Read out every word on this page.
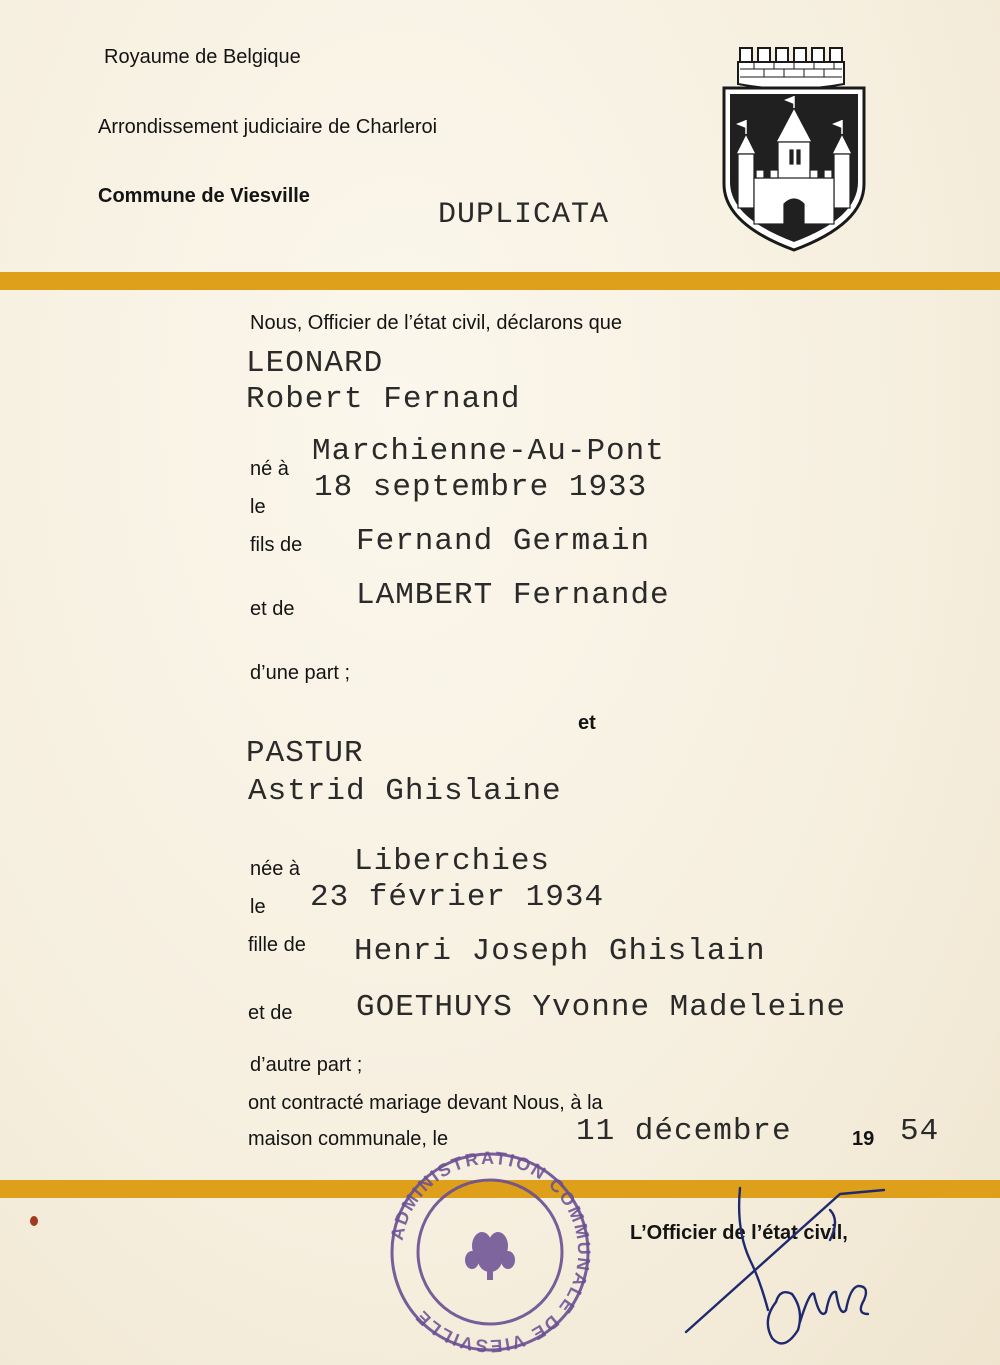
Royaume de Belgique
Arrondissement judiciaire de Charleroi
Commune de Viesville
DUPLICATA
Nous, Officier de l’état civil, déclarons que
LEONARD
Robert Fernand
né à Marchienne-Au-Pont
le
18 septembre 1933
fils de Fernand Germain
et de LAMBERT Fernande
d’une part ;
et
PASTUR
Astrid Ghislaine
née à Liberchies
le 23 février 1934
fille de Henri Joseph Ghislain
et de GOETHUYS Yvonne Madeleine
d’autre part ;
ont contracté mariage devant Nous, à la
maison communale, le	11 décembre	19 54
ADMINISTRATION COMMUNALE DE VIESVILLE
L’Officier de l’état civil,
